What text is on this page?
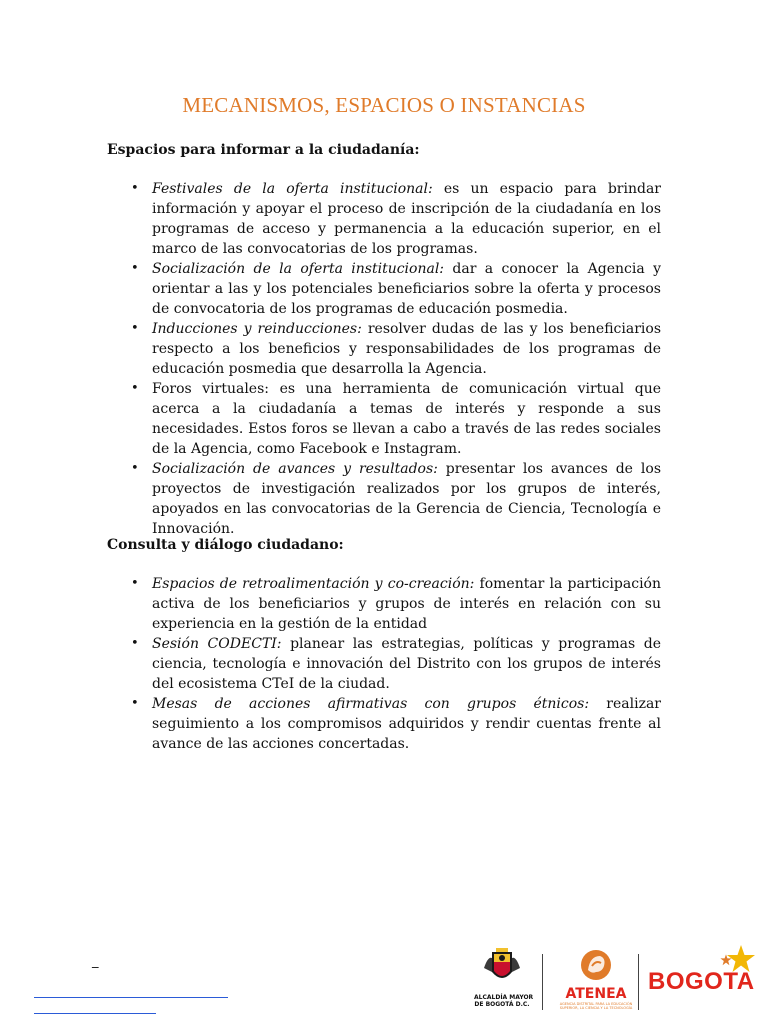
MECANISMOS, ESPACIOS O INSTANCIAS
Espacios para informar a la ciudadanía:
• Festivales de la oferta institucional: es un espacio para brindar información y apoyar el proceso de inscripción de la ciudadanía en los programas de acceso y permanencia a la educación superior, en el marco de las convocatorias de los programas.
• Socialización de la oferta institucional: dar a conocer la Agencia y orientar a las y los potenciales beneficiarios sobre la oferta y procesos de convocatoria de los programas de educación posmedia.
• Inducciones y reinducciones: resolver dudas de las y los beneficiarios respecto a los beneficios y responsabilidades de los programas de educación posmedia que desarrolla la Agencia.
• Foros virtuales: es una herramienta de comunicación virtual que acerca a la ciudadanía a temas de interés y responde a sus necesidades. Estos foros se llevan a cabo a través de las redes sociales de la Agencia, como Facebook e Instagram.
• Socialización de avances y resultados: presentar los avances de los proyectos de investigación realizados por los grupos de interés, apoyados en las convocatorias de la Gerencia de Ciencia, Tecnología e Innovación.
Consulta y diálogo ciudadano:
• Espacios de retroalimentación y co-creación: fomentar la participación activa de los beneficiarios y grupos de interés en relación con su experiencia en la gestión de la entidad
• Sesión CODECTI: planear las estrategias, políticas y programas de ciencia, tecnología e innovación del Distrito con los grupos de interés del ecosistema CTeI de la ciudad.
• Mesas de acciones afirmativas con grupos étnicos: realizar seguimiento a los compromisos adquiridos y rendir cuentas frente al avance de las acciones concertadas.
_
ALCALDÍA MAYOR
DE BOGOTÁ D.C.
ATENEA
AGENCIA DISTRITAL PARA LA EDUCACIÓN SUPERIOR, LA CIENCIA Y LA TECNOLOGÍA
BOGOTA
